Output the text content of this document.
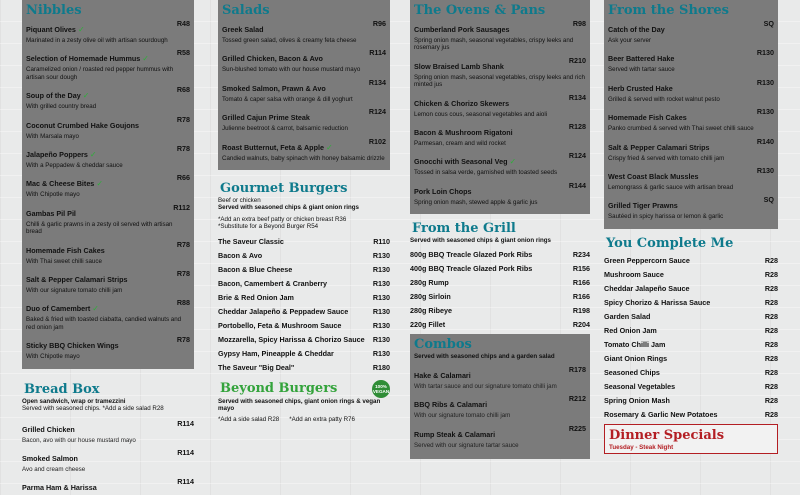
Nibbles
Piquant Olives ✓
R48
Marinated in a zesty olive oil with artisan sourdough
Selection of Homemade Hummus ✓
R58
Caramelized onion / roasted red pepper hummus with artisan sour dough
Soup of the Day ✓
R68
With grilled country bread
Coconut Crumbed Hake Goujons
R78
With Marsala mayo
Jalapeño Poppers ✓
R78
With a Peppadew & cheddar sauce
Mac & Cheese Bites ✓
R66
With Chipotle mayo
Gambas Pil Pil
R112
Chilli & garlic prawns in a zesty oil served with artisan bread
Homemade Fish Cakes
R78
With Thai sweet chilli sauce
Salt & Pepper Calamari Strips
R78
With our signature tomato chilli jam
Duo of Camembert ✓
R88
Baked & fried with toasted ciabatta, candied walnuts and red onion jam
Sticky BBQ Chicken Wings
R78
With Chipotle mayo
Bread Box
Open sandwich, wrap or tramezzini
Served with seasoned chips. *Add a side salad R28
Grilled Chicken
R114
Bacon, avo with our house mustard mayo
Smoked Salmon
R114
Avo and cream cheese
Parma Ham & Harissa
R114
Salads
Greek Salad
R96
Tossed green salad, olives & creamy feta cheese
Grilled Chicken, Bacon & Avo
R114
Sun-blushed tomato with our house mustard mayo
Smoked Salmon, Prawn & Avo
R134
Tomato & caper salsa with orange & dill yoghurt
Grilled Cajun Prime Steak
R124
Julienne beetroot & carrot, balsamic reduction
Roast Butternut, Feta & Apple ✓
R102
Candied walnuts, baby spinach with honey balsamic drizzle
Gourmet Burgers
Beef or chicken
Served with seasoned chips & giant onion rings
*Add an extra beef patty or chicken breast R36
*Substitute for a Beyond Burger R54
The Saveur Classic	R110
Bacon & Avo	R130
Bacon & Blue Cheese	R130
Bacon, Camembert & Cranberry	R130
Brie & Red Onion Jam	R130
Cheddar Jalapeño & Peppadew Sauce	R130
Portobello, Feta & Mushroom Sauce	R130
Mozzarella, Spicy Harissa & Chorizo Sauce R130
Gypsy Ham, Pineapple & Cheddar	R130
The Saveur "Big Deal"	R180
Beyond Burgers	100% VEGAN
Served with seasoned chips, giant onion rings & vegan mayo
*Add a side salad R28 *Add an extra patty R76
The Ovens & Pans
Cumberland Pork Sausages
R98
Spring onion mash, seasonal vegetables, crispy leeks and rosemary jus
Slow Braised Lamb Shank
R210
Spring onion mash, seasonal vegetables, crispy leeks and rich minted jus
Chicken & Chorizo Skewers
R134
Lemon cous cous, seasonal vegetables and aioli
Bacon & Mushroom Rigatoni
R128
Parmesan, cream and wild rocket
Gnocchi with Seasonal Veg ✓
R124
Tossed in salsa verde, garnished with toasted seeds
Pork Loin Chops
R144
Spring onion mash, stewed apple & garlic jus
From the Grill
Served with seasoned chips & giant onion rings
800g BBQ Treacle Glazed Pork Ribs	R234
400g BBQ Treacle Glazed Pork Ribs	R156
280g Rump	R166
280g Sirloin	R166
280g Ribeye	R198
220g Fillet	R204
Combos
Served with seasoned chips and a garden salad
Hake & Calamari
R178
With tartar sauce and our signature tomato chilli jam
BBQ Ribs & Calamari
R212
With our signature tomato chilli jam
Rump Steak & Calamari
R225
Served with our signature tartar sauce
From the Shores
Catch of the Day
SQ
Ask your server
Beer Battered Hake
R130
Served with tartar sauce
Herb Crusted Hake
R130
Grilled & served with rocket walnut pesto
Homemade Fish Cakes
R130
Panko crumbed & served with Thai sweet chilli sauce
Salt & Pepper Calamari Strips
R140
Crispy fried & served with tomato chilli jam
West Coast Black Mussles
R130
Lemongrass & garlic sauce with artisan bread
Grilled Tiger Prawns
SQ
Sautéed in spicy harissa or lemon & garlic
You Complete Me
Green Peppercorn Sauce	R28
Mushroom Sauce	R28
Cheddar Jalapeño Sauce	R28
Spicy Chorizo & Harissa Sauce	R28
Garden Salad	R28
Red Onion Jam	R28
Tomato Chilli Jam	R28
Giant Onion Rings	R28
Seasoned Chips	R28
Seasonal Vegetables	R28
Spring Onion Mash	R28
Rosemary & Garlic New Potatoes	R28
Dinner Specials
Tuesday - Steak Night
